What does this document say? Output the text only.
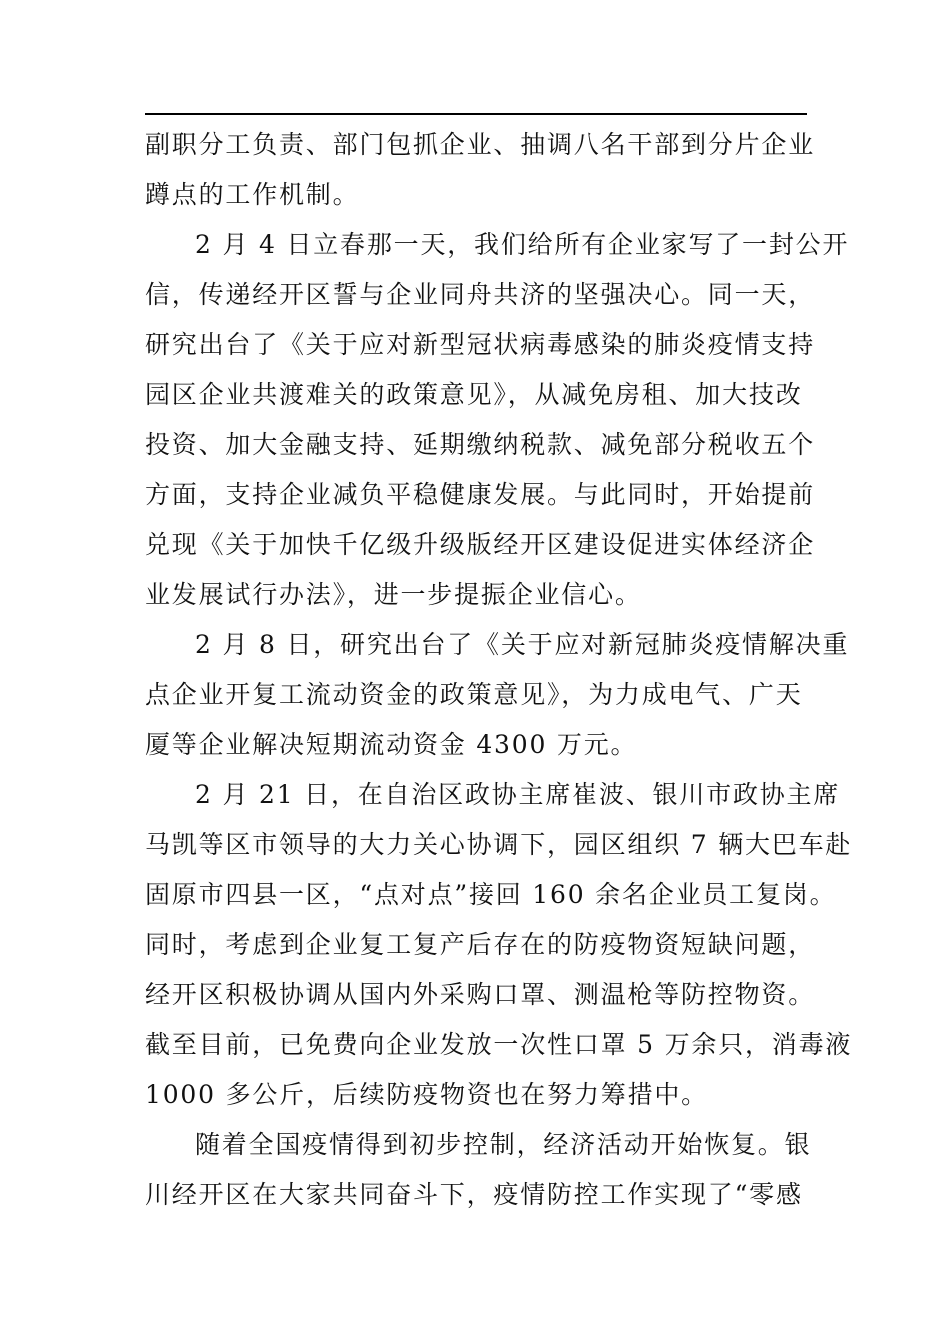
副职分工负责、部门包抓企业、抽调八名干部到分片企业
蹲点的工作机制。
2 月 4 日立春那一天，我们给所有企业家写了一封公开
信，传递经开区誓与企业同舟共济的坚强决心。同一天，
研究出台了《关于应对新型冠状病毒感染的肺炎疫情支持
园区企业共渡难关的政策意见》，从减免房租、加大技改
投资、加大金融支持、延期缴纳税款、减免部分税收五个
方面，支持企业减负平稳健康发展。与此同时，开始提前
兑现《关于加快千亿级升级版经开区建设促进实体经济企
业发展试行办法》，进一步提振企业信心。
2 月 8 日，研究出台了《关于应对新冠肺炎疫情解决重
点企业开复工流动资金的政策意见》，为力成电气、广天
厦等企业解决短期流动资金 4300 万元。
2 月 21 日，在自治区政协主席崔波、银川市政协主席
马凯等区市领导的大力关心协调下，园区组织 7 辆大巴车赴
固原市四县一区，“点对点”接回 160 余名企业员工复岗。
同时，考虑到企业复工复产后存在的防疫物资短缺问题，
经开区积极协调从国内外采购口罩、测温枪等防控物资。
截至目前，已免费向企业发放一次性口罩 5 万余只，消毒液
1000 多公斤，后续防疫物资也在努力筹措中。
随着全国疫情得到初步控制，经济活动开始恢复。银
川经开区在大家共同奋斗下，疫情防控工作实现了“零感
